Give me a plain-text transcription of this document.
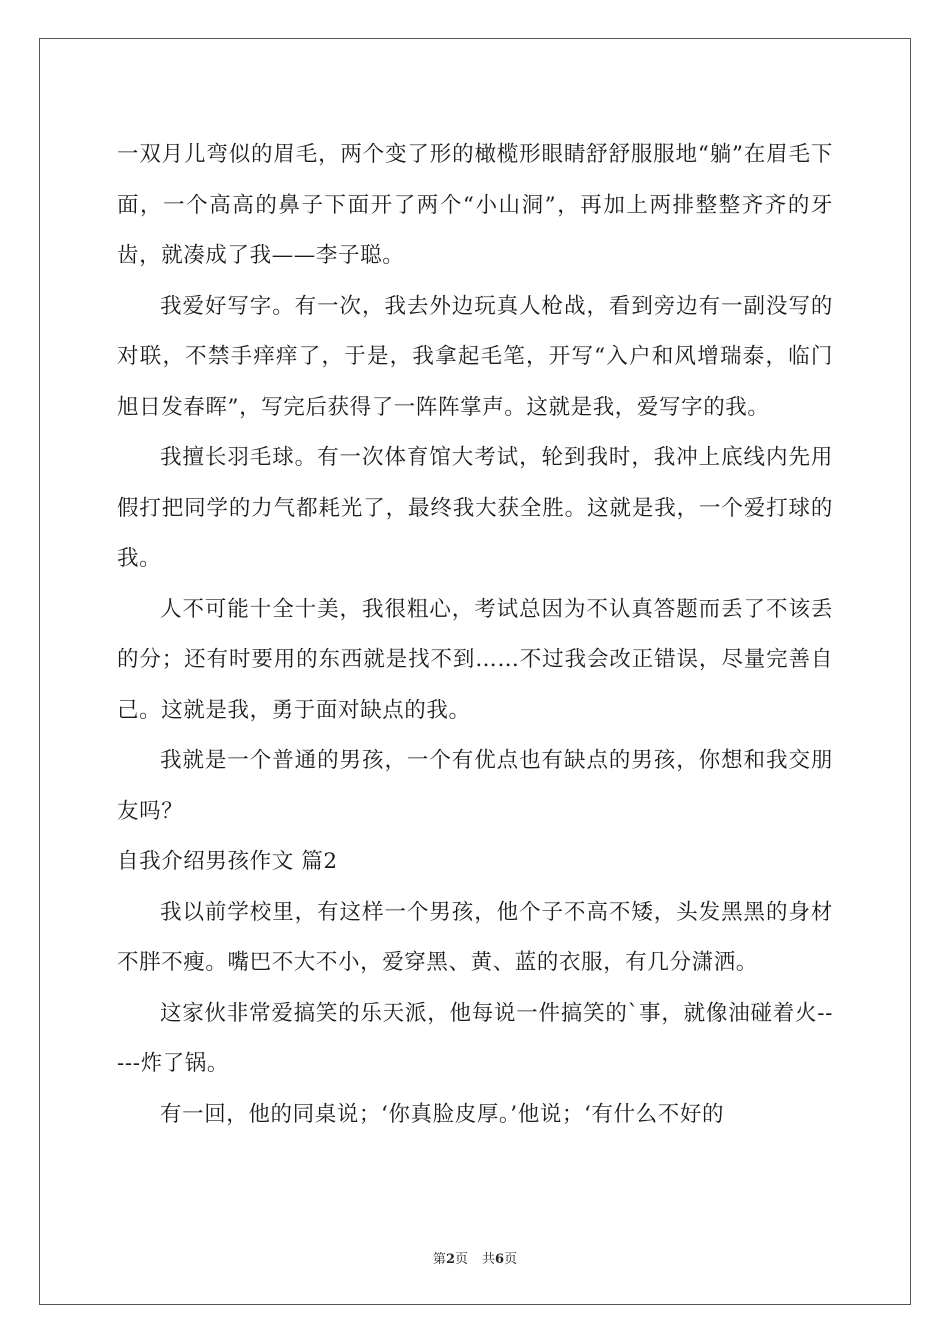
一双月儿弯似的眉毛，两个变了形的橄榄形眼睛舒舒服服地“躺”在眉毛下面，一个高高的鼻子下面开了两个“小山洞”，再加上两排整整齐齐的牙齿，就凑成了我——李子聪。

我爱好写字。有一次，我去外边玩真人枪战，看到旁边有一副没写的对联，不禁手痒痒了，于是，我拿起毛笔，开写“入户和风增瑞泰，临门旭日发春晖”，写完后获得了一阵阵掌声。这就是我，爱写字的我。

我擅长羽毛球。有一次体育馆大考试，轮到我时，我冲上底线内先用假打把同学的力气都耗光了，最终我大获全胜。这就是我，一个爱打球的我。

人不可能十全十美，我很粗心，考试总因为不认真答题而丢了不该丢的分；还有时要用的东西就是找不到……不过我会改正错误，尽量完善自己。这就是我，勇于面对缺点的我。

我就是一个普通的男孩，一个有优点也有缺点的男孩，你想和我交朋友吗？

自我介绍男孩作文 篇2

我以前学校里，有这样一个男孩，他个子不高不矮，头发黑黑的身材不胖不瘦。嘴巴不大不小，爱穿黑、黄、蓝的衣服，有几分潇洒。

这家伙非常爱搞笑的乐天派，他每说一件搞笑的`事，就像油碰着火-----炸了锅。

有一回，他的同桌说；‘你真脸皮厚。’他说；‘有什么不好的

第2页 共6页
